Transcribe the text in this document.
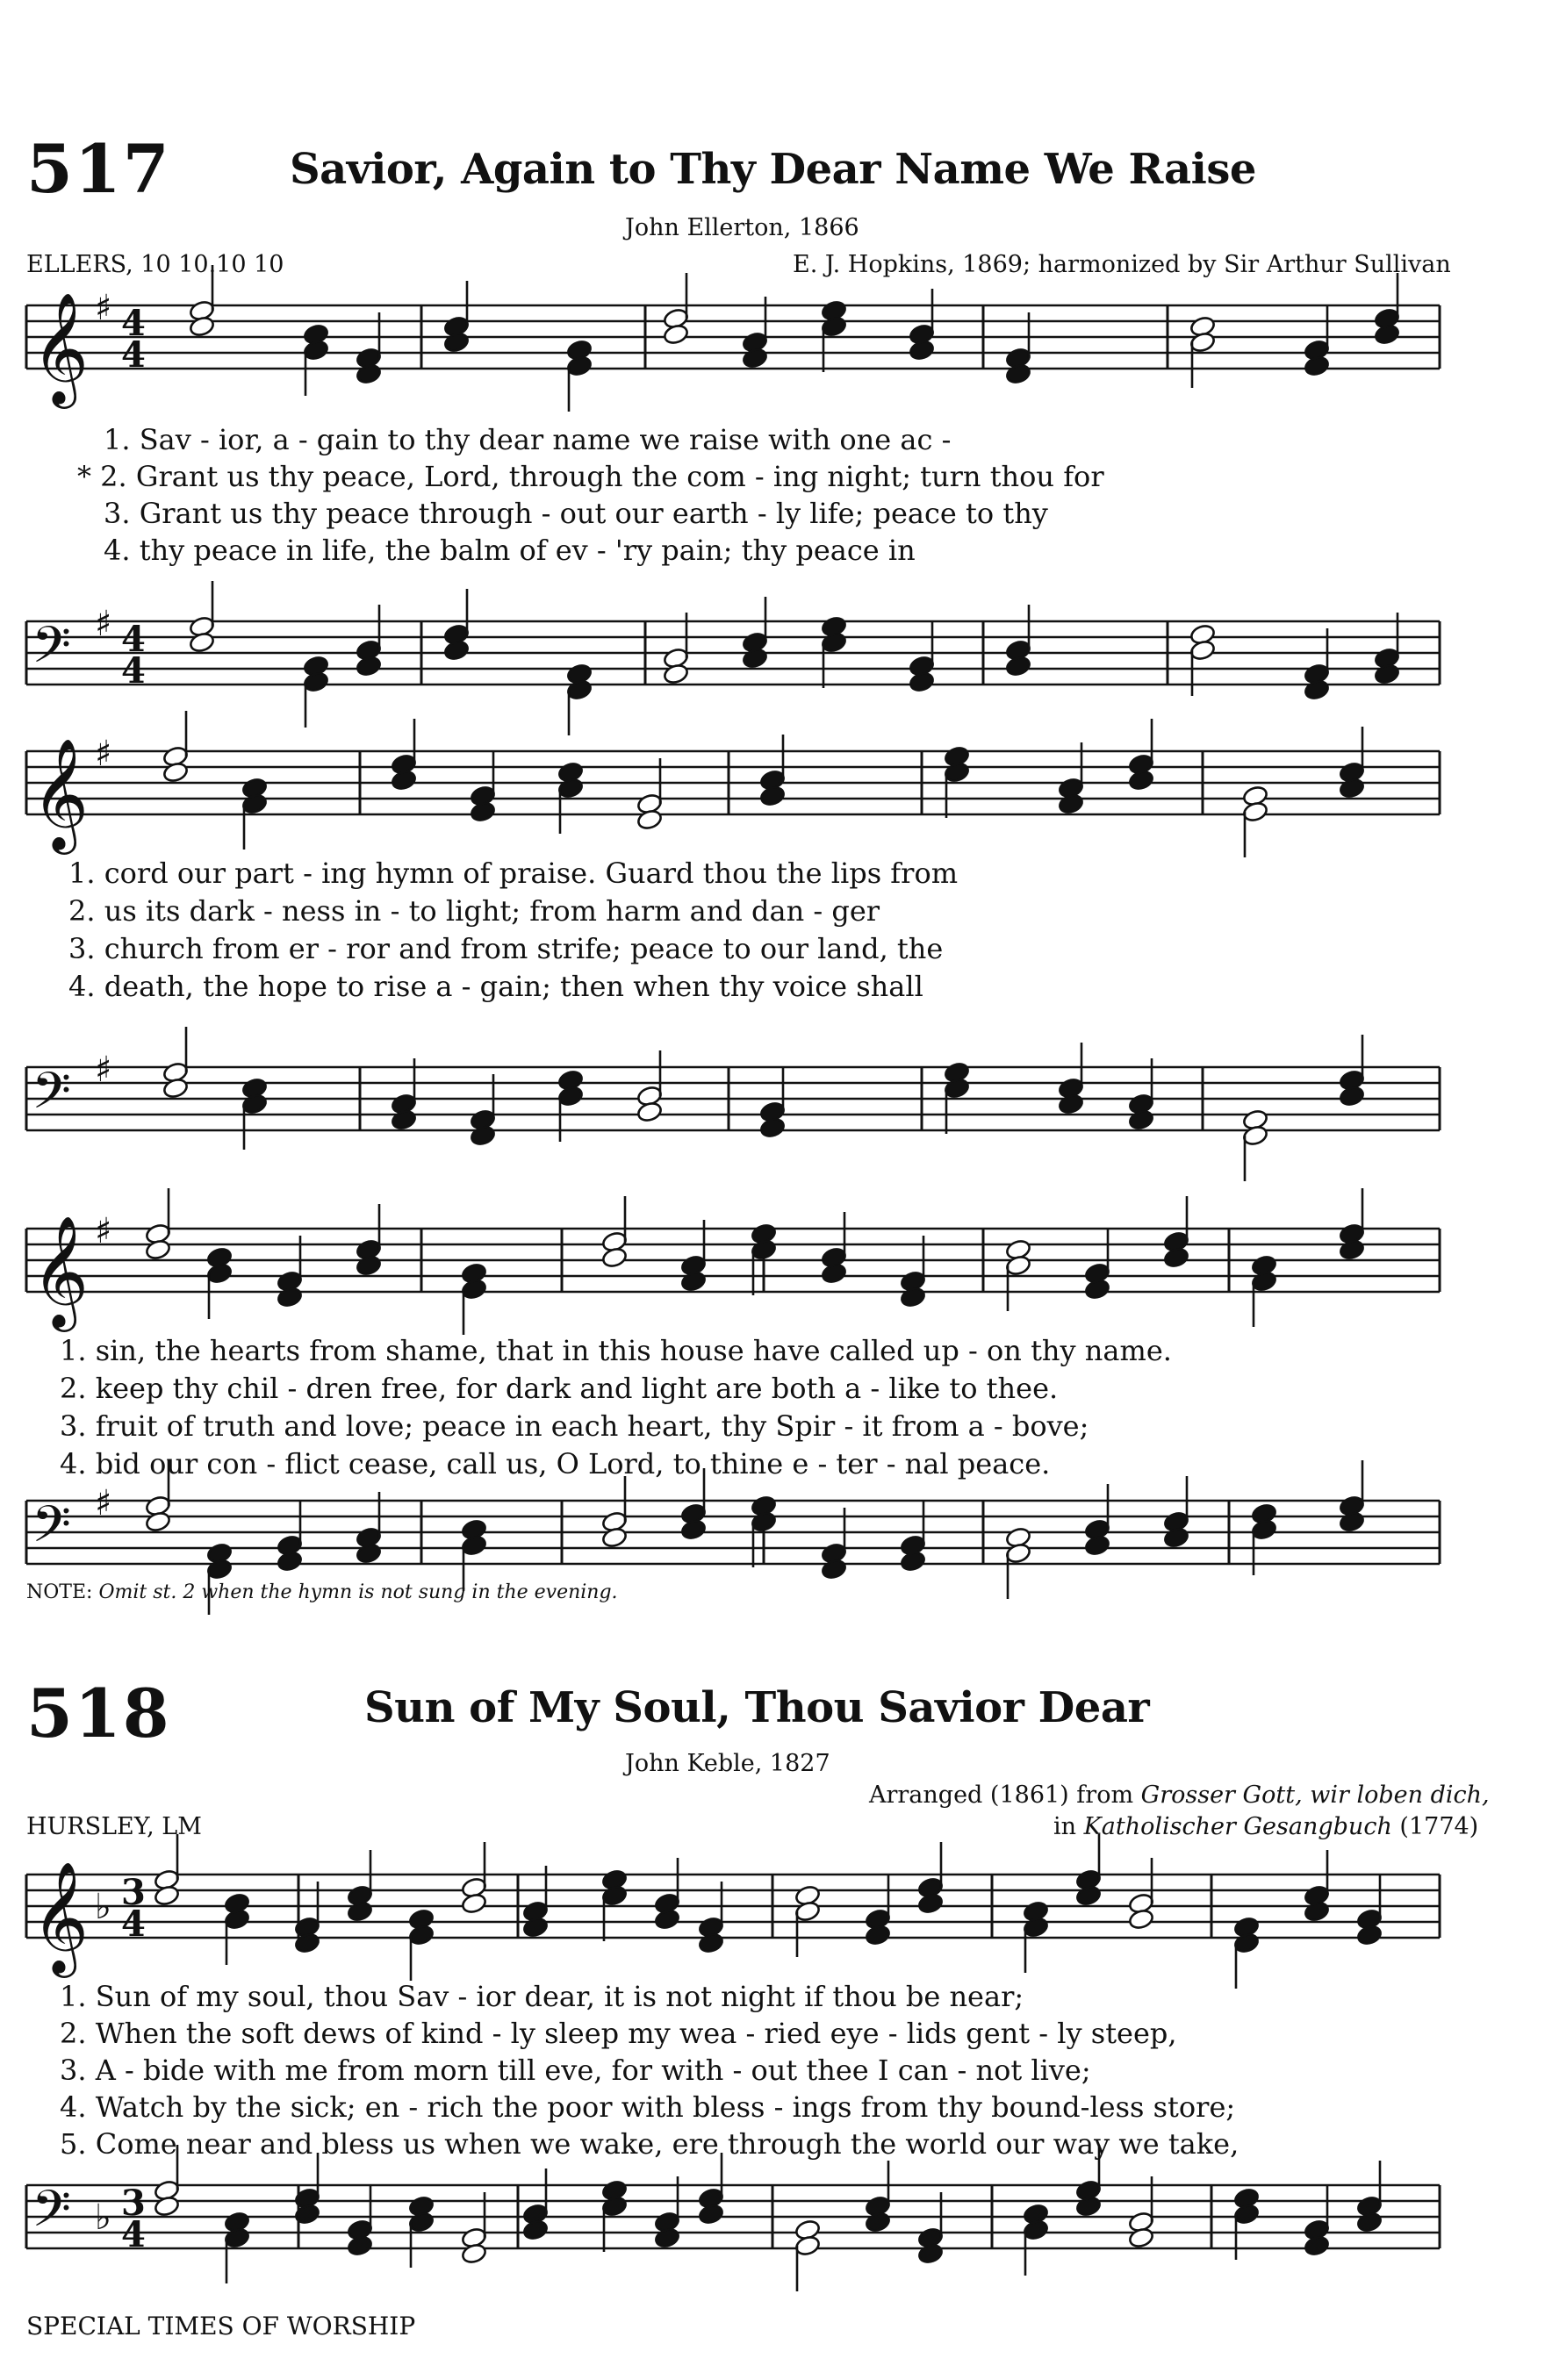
517	Savior, Again to Thy Dear Name We Raise
John Ellerton, 1866
ELLERS, 10 10.10 10	E. J. Hopkins, 1869; harmonized by Sir Arthur Sullivan
𝄞 ♯ 4
4
𝄢 ♯ 4
4
𝄞 ♯
𝄢 ♯
𝄞 ♯
𝄢 ♯
𝄞 ♭ 3
4
𝄢 ♭ 3
4
1. Sav - ior, a - gain to thy dear name we raise with one ac -
* 2. Grant us thy peace, Lord, through the com - ing night; turn thou for
3. Grant us thy peace through - out our earth - ly life; peace to thy
4. thy peace in life, the balm of ev - 'ry pain; thy peace in
1. cord our part - ing hymn of praise. Guard thou the lips from
2. us its dark - ness in - to light; from harm and dan - ger
3. church from er - ror and from strife; peace to our land, the
4. death, the hope to rise a - gain; then when thy voice shall
1. sin, the hearts from shame, that in this house have called up - on thy name.
2. keep thy chil - dren free, for dark and light are both a - like to thee.
3. fruit of truth and love; peace in each heart, thy Spir - it from a - bove;
4. bid our con - flict cease, call us, O Lord, to thine e - ter - nal peace.
NOTE: Omit st. 2 when the hymn is not sung in the evening.
518	Sun of My Soul, Thou Savior Dear
John Keble, 1827
Arranged (1861) from Grosser Gott, wir loben dich,
in Katholischer Gesangbuch (1774)
HURSLEY, LM
1. Sun of my soul, thou Sav - ior dear, it is not night if thou be near;
2. When the soft dews of kind - ly sleep my wea - ried eye - lids gent - ly steep,
3. A - bide with me from morn till eve, for with - out thee I can - not live;
4. Watch by the sick; en - rich the poor with bless - ings from thy bound-less store;
5. Come near and bless us when we wake, ere through the world our way we take,
SPECIAL TIMES OF WORSHIP
